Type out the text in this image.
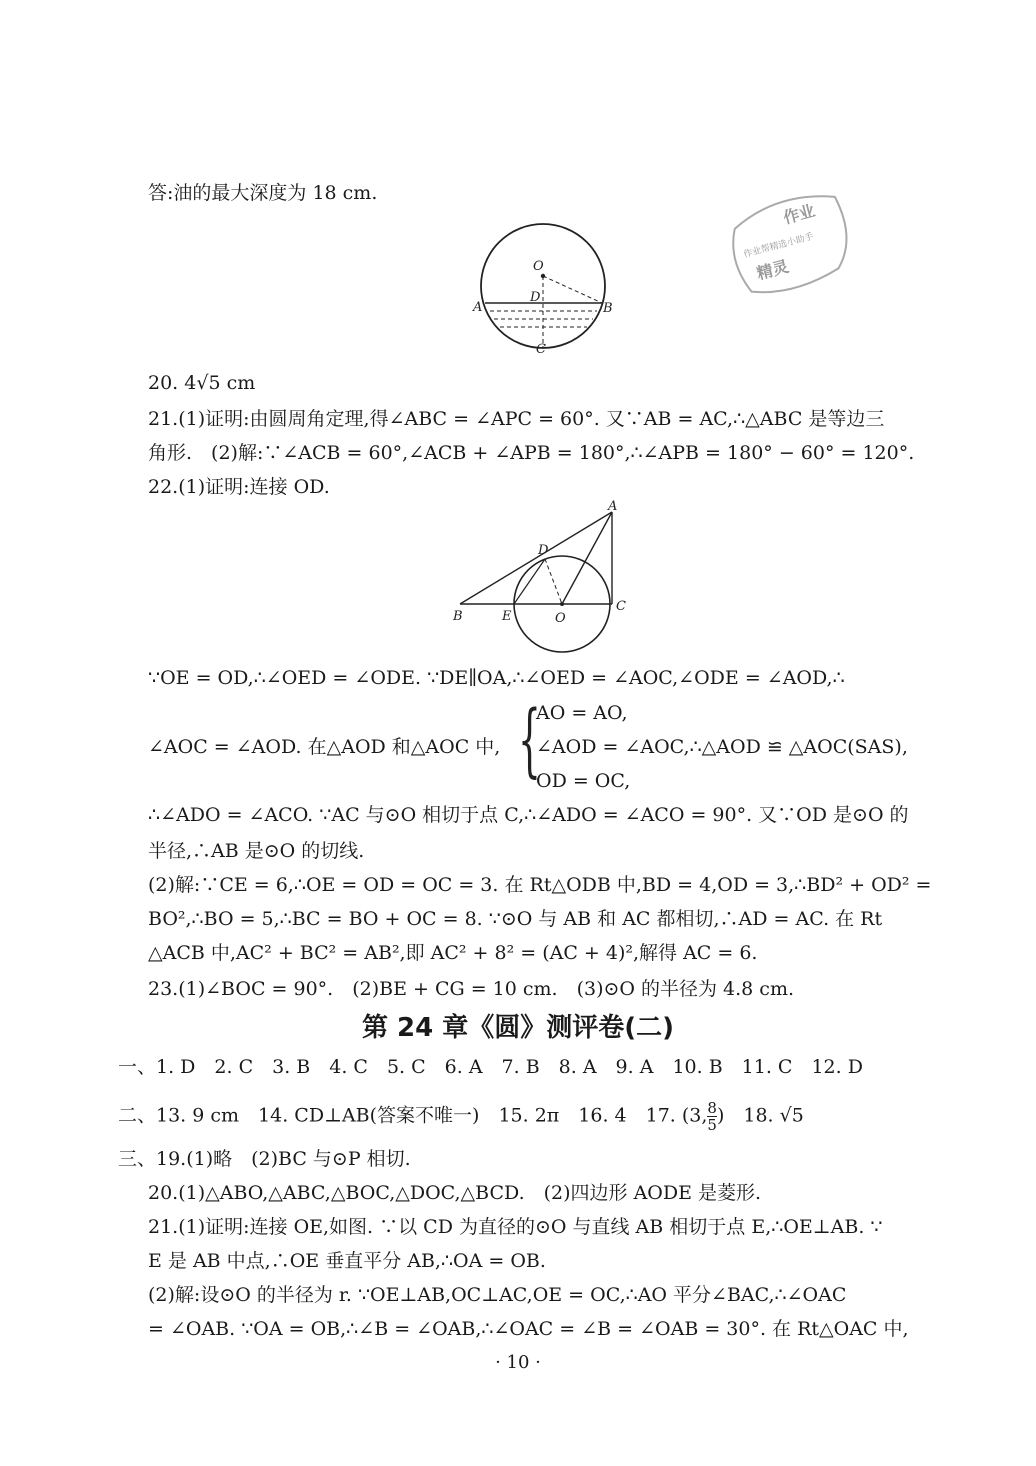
答:油的最大深度为 18 cm.
O
D
A	B
C
作业
作业帮精选小助手
精灵
20. 4√5 cm
21.(1)证明:由圆周角定理,得∠ABC = ∠APC = 60°. 又∵AB = AC,∴△ABC 是等边三
角形.　(2)解:∵∠ACB = 60°,∠ACB + ∠APB = 180°,∴∠APB = 180° − 60° = 120°.
22.(1)证明:连接 OD.
A
D
B	E	O
C
∵OE = OD,∴∠OED = ∠ODE. ∵DE∥OA,∴∠OED = ∠AOC,∠ODE = ∠AOD,∴
AO = AO,
∠AOC = ∠AOD. 在△AOD 和△AOC 中, {
∠AOD = ∠AOC,∴△AOD ≌ △AOC(SAS),
OD = OC,
∴∠ADO = ∠ACO. ∵AC 与⊙O 相切于点 C,∴∠ADO = ∠ACO = 90°. 又∵OD 是⊙O 的
半径,∴AB 是⊙O 的切线.
(2)解:∵CE = 6,∴OE = OD = OC = 3. 在 Rt△ODB 中,BD = 4,OD = 3,∴BD² + OD² =
BO²,∴BO = 5,∴BC = BO + OC = 8. ∵⊙O 与 AB 和 AC 都相切,∴AD = AC. 在 Rt
△ACB 中,AC² + BC² = AB²,即 AC² + 8² = (AC + 4)²,解得 AC = 6.
23.(1)∠BOC = 90°.　(2)BE + CG = 10 cm.　(3)⊙O 的半径为 4.8 cm.
第 24 章《圆》测评卷(二)
一、1. D　2. C　3. B　4. C　5. C　6. A　7. B　8. A　9. A　10. B　11. C　12. D
二、13. 9 cm　14. CD⊥AB(答案不唯一)　15. 2π　16. 4　17. (3, $\frac{8}{5}$ )　18. √5
三、19.(1)略　(2)BC 与⊙P 相切.
20.(1)△ABO,△ABC,△BOC,△DOC,△BCD.　(2)四边形 AODE 是菱形.
21.(1)证明:连接 OE,如图. ∵以 CD 为直径的⊙O 与直线 AB 相切于点 E,∴OE⊥AB. ∵
E 是 AB 中点,∴OE 垂直平分 AB,∴OA = OB.
(2)解:设⊙O 的半径为 r. ∵OE⊥AB,OC⊥AC,OE = OC,∴AO 平分∠BAC,∴∠OAC
= ∠OAB. ∵OA = OB,∴∠B = ∠OAB,∴∠OAC = ∠B = ∠OAB = 30°. 在 Rt△OAC 中,
· 10 ·
